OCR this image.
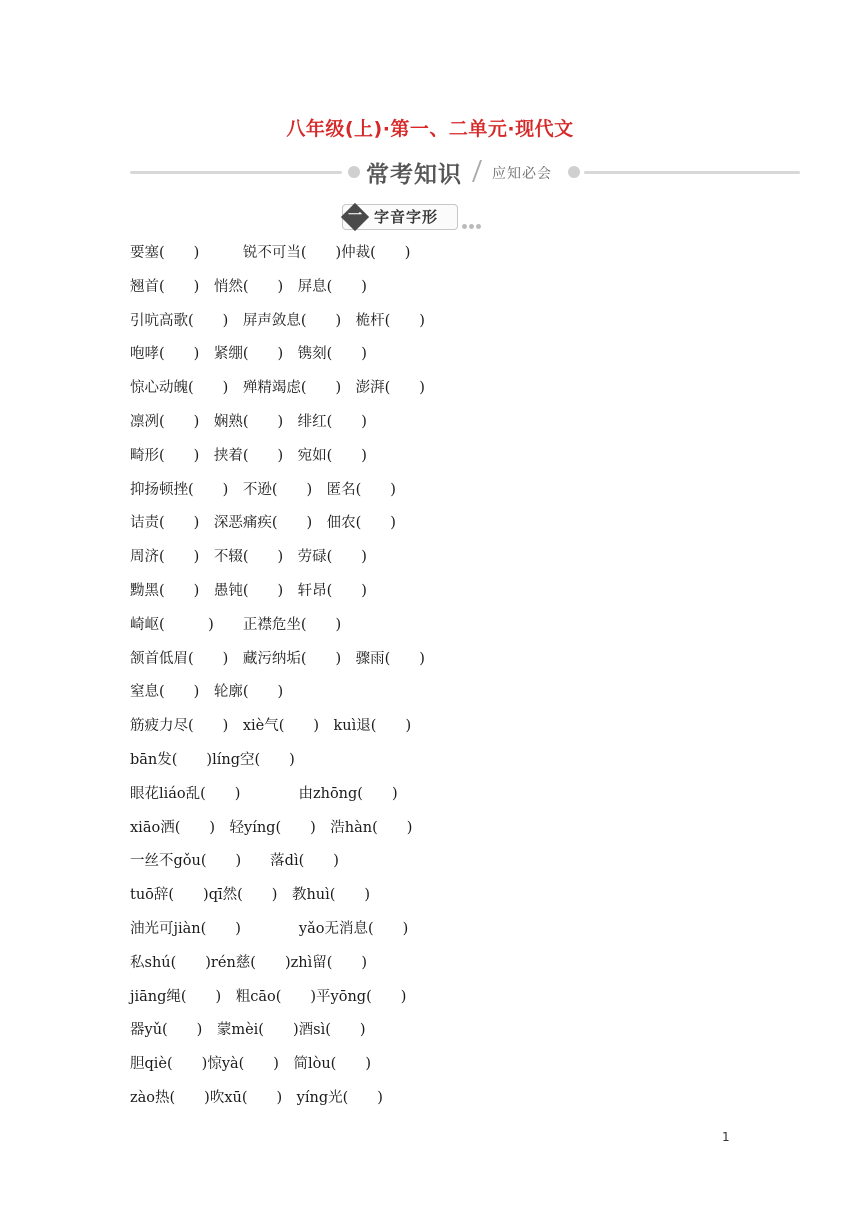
八年级(上)·第一、二单元·现代文
常考知识 应知必会
一 字音字形
要塞(　　)　　　锐不可当(　　)仲裁(　　)
翘首(　　)　悄然(　　)　屏息(　　)
引吭高歌(　　)　屏声敛息(　　)　桅杆(　　)
咆哮(　　)　紧绷(　　)　镌刻(　　)
惊心动魄(　　)　殚精竭虑(　　)　澎湃(　　)
凛冽(　　)　娴熟(　　)　绯红(　　)
畸形(　　)　挟着(　　)　宛如(　　)
抑扬顿挫(　　)　不逊(　　)　匿名(　　)
诘责(　　)　深恶痛疾(　　)　佃农(　　)
周济(　　)　不辍(　　)　劳碌(　　)
黝黑(　　)　愚钝(　　)　轩昂(　　)
崎岖(　　　)　　正襟危坐(　　)
颔首低眉(　　)　藏污纳垢(　　)　骤雨(　　)
窒息(　　)　轮廓(　　)
筋疲力尽(　　)　xiè气(　　)　kuì退(　　)
bān发(　　)líng空(　　)
眼花liáo乱(　　)　　　　由zhōng(　　)
xiāo洒(　　)　轻yíng(　　)　浩hàn(　　)
一丝不gǒu(　　)　　落dì(　　)
tuō辞(　　)qī然(　　)　教huì(　　)
油光可jiàn(　　)　　　　yǎo无消息(　　)
私shú(　　)rén慈(　　)zhì留(　　)
jiāng绳(　　)　粗cāo(　　)平yōng(　　)
器yǔ(　　)　蒙mèi(　　)酒sì(　　)
胆qiè(　　)惊yà(　　)　简lòu(　　)
zào热(　　)吹xū(　　)　yíng光(　　)
1
